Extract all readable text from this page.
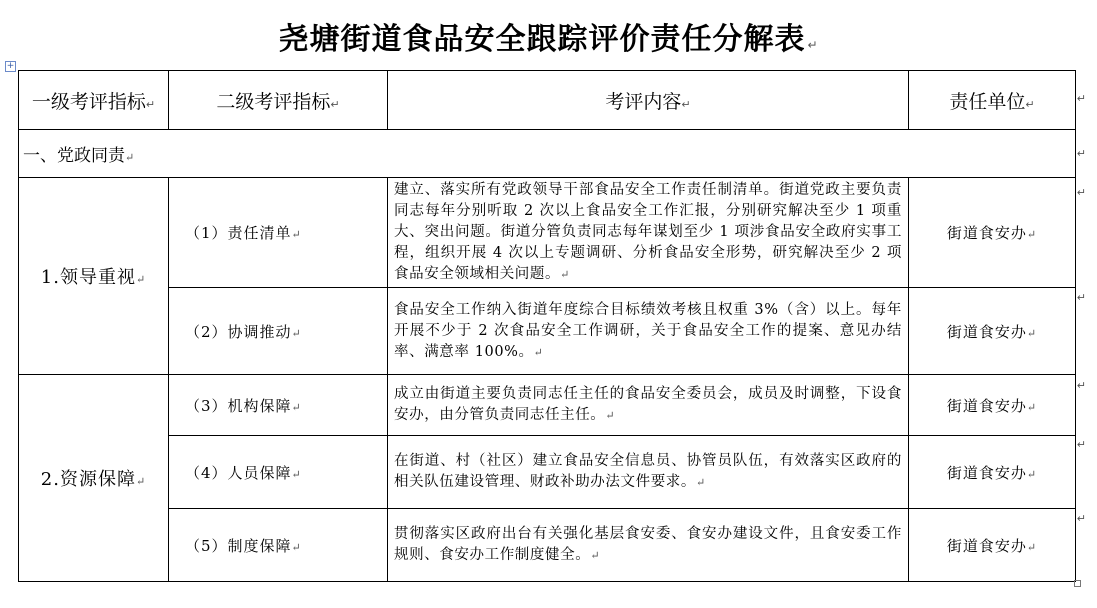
尧塘街道食品安全跟踪评价责任分解表 ↵
+
一级考评指标↵	二级考评指标↵	考评内容↵	责任单位↵
一、党政同责↵			
1.领导重视↵	（1）责任清单↵	建立、落实所有党政领导干部食品安全工作责任制清单。街道党政主要负责同志每年分别听取 2 次以上食品安全工作汇报，分别研究解决至少 1 项重大、突出问题。街道分管负责同志每年谋划至少 1 项涉食品安全政府实事工程，组织开展 4 次以上专题调研、分析食品安全形势，研究解决至少 2 项食品安全领域相关问题。↵	街道食安办↵
	（2）协调推动↵	食品安全工作纳入街道年度综合目标绩效考核且权重 3%（含）以上。每年开展不少于 2 次食品安全工作调研，关于食品安全工作的提案、意见办结率、满意率 100%。↵	街道食安办↵
2.资源保障↵	（3）机构保障↵	成立由街道主要负责同志任主任的食品安全委员会，成员及时调整，下设食安办，由分管负责同志任主任。↵	街道食安办↵
	（4）人员保障↵	在街道、村（社区）建立食品安全信息员、协管员队伍，有效落实区政府的相关队伍建设管理、财政补助办法文件要求。↵	街道食安办↵
	（5）制度保障↵	贯彻落实区政府出台有关强化基层食安委、食安办建设文件，且食安委工作规则、食安办工作制度健全。↵	街道食安办↵
↵
↵
↵
↵
↵
↵
↵
